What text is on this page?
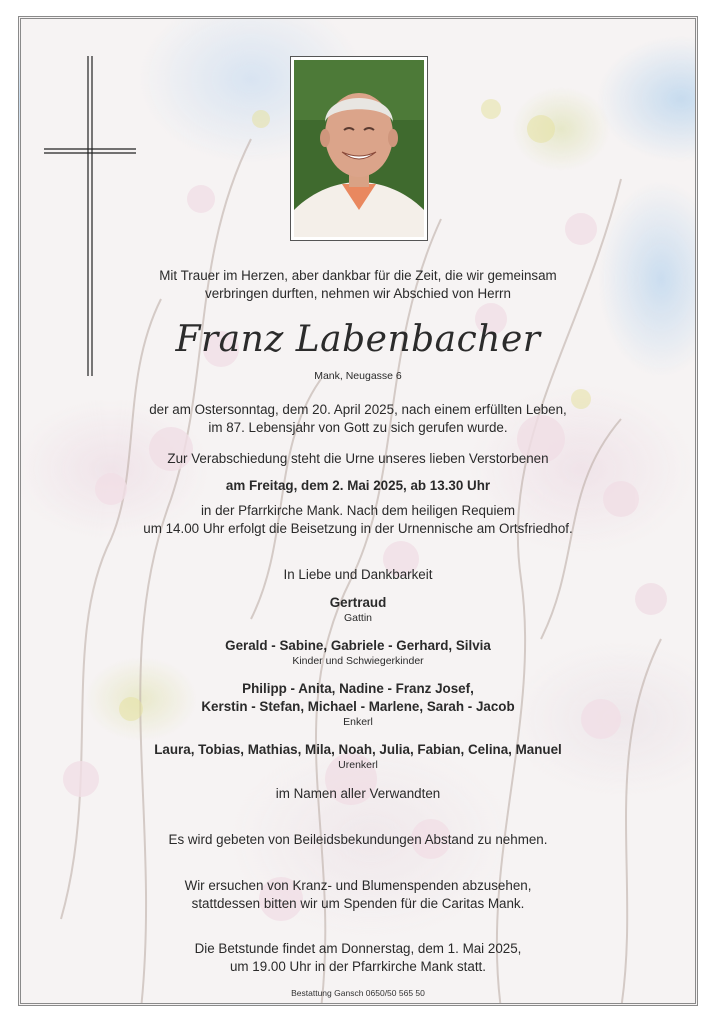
Mit Trauer im Herzen, aber dankbar für die Zeit, die wir gemeinsam
verbringen durften, nehmen wir Abschied von Herrn
Franz Labenbacher
Mank, Neugasse 6
der am Ostersonntag, dem 20. April 2025, nach einem erfüllten Leben,
im 87. Lebensjahr von Gott zu sich gerufen wurde.
Zur Verabschiedung steht die Urne unseres lieben Verstorbenen
am Freitag, dem 2. Mai 2025, ab 13.30 Uhr
in der Pfarrkirche Mank. Nach dem heiligen Requiem
um 14.00 Uhr erfolgt die Beisetzung in der Urnennische am Ortsfriedhof.
In Liebe und Dankbarkeit
Gertraud
Gattin
Gerald - Sabine, Gabriele - Gerhard, Silvia
Kinder und Schwiegerkinder
Philipp - Anita, Nadine - Franz Josef,
Kerstin - Stefan, Michael - Marlene, Sarah - Jacob
Enkerl
Laura, Tobias, Mathias, Mila, Noah, Julia, Fabian, Celina, Manuel
Urenkerl
im Namen aller Verwandten
Es wird gebeten von Beileidsbekundungen Abstand zu nehmen.
Wir ersuchen von Kranz- und Blumenspenden abzusehen,
stattdessen bitten wir um Spenden für die Caritas Mank.
Die Betstunde findet am Donnerstag, dem 1. Mai 2025,
um 19.00 Uhr in der Pfarrkirche Mank statt.
Bestattung Gansch 0650/50 565 50
